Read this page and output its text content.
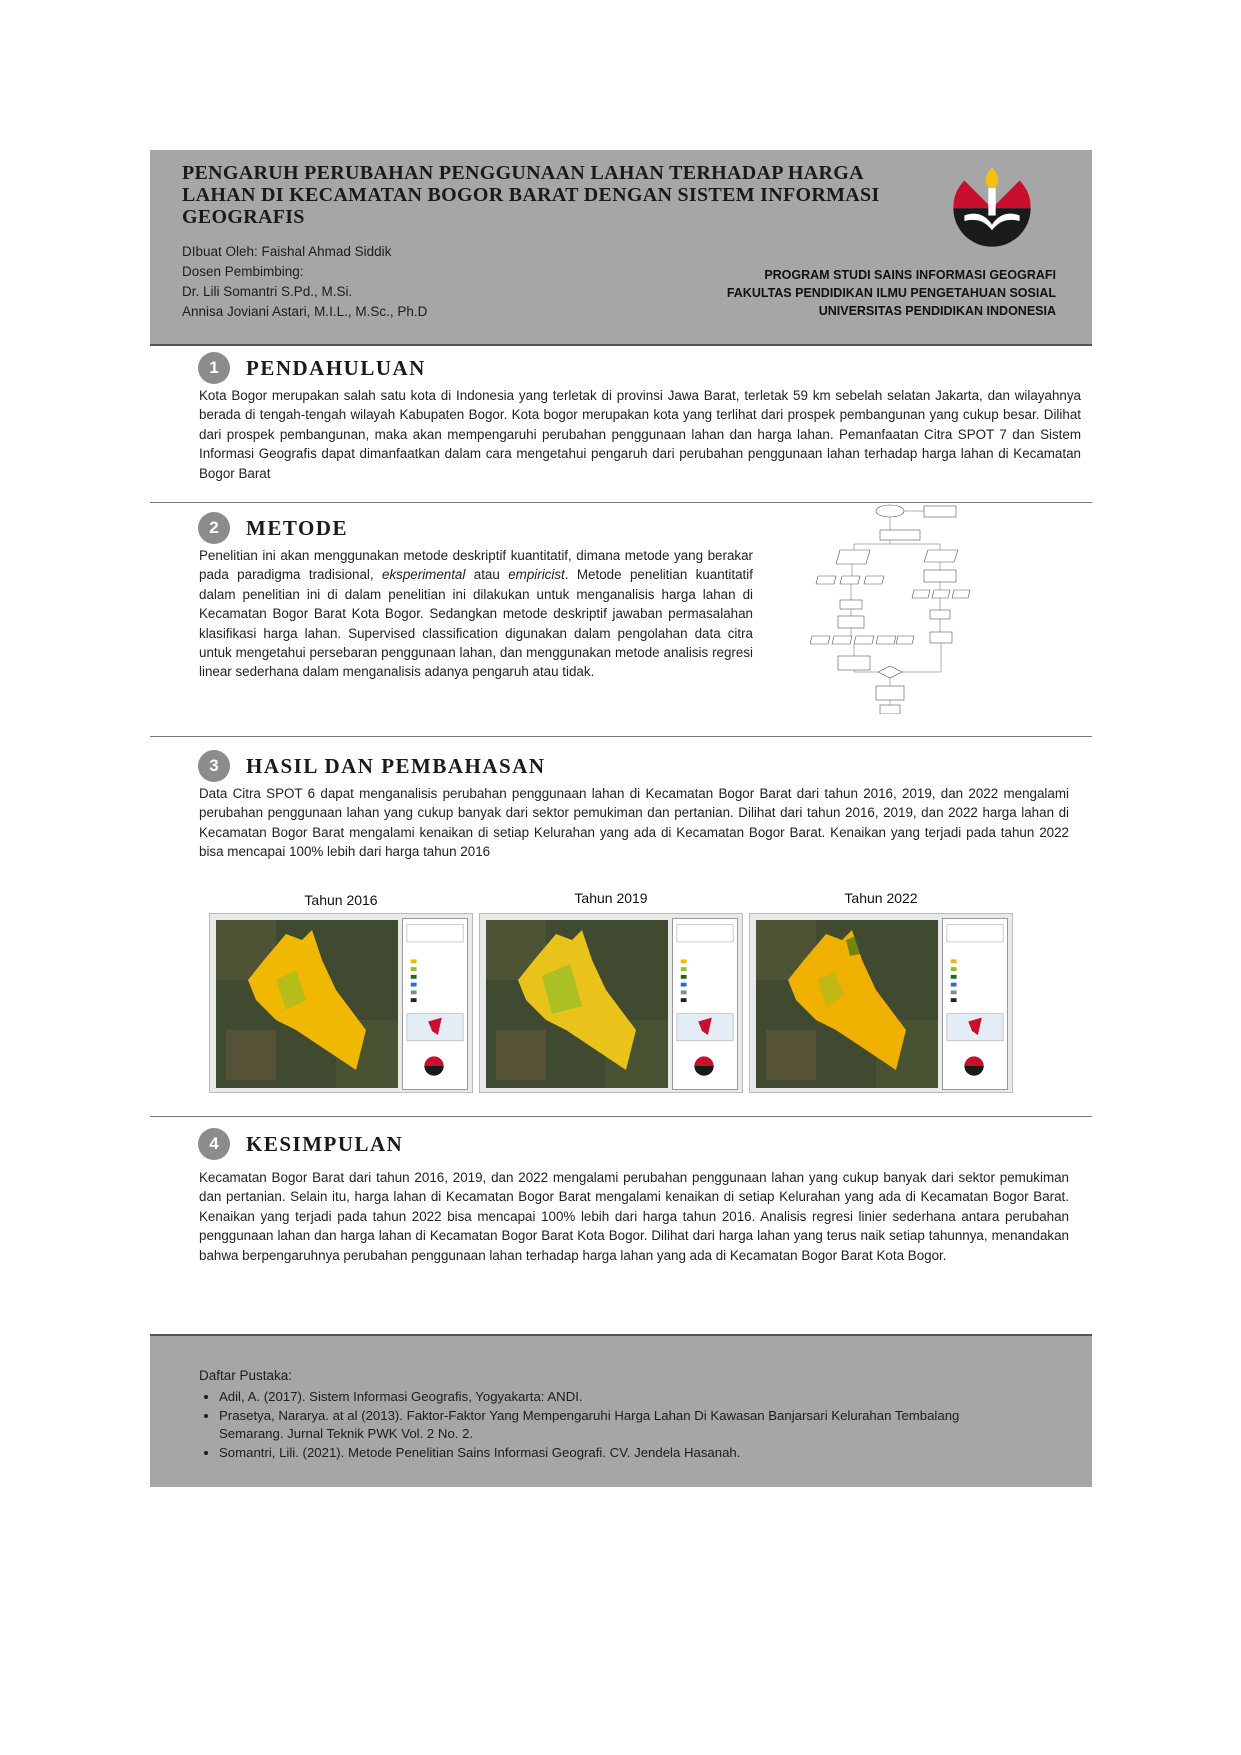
PENGARUH PERUBAHAN PENGGUNAAN LAHAN TERHADAP HARGA LAHAN DI KECAMATAN BOGOR BARAT DENGAN SISTEM INFORMASI GEOGRAFIS
DIbuat Oleh: Faishal Ahmad Siddik
Dosen Pembimbing:
Dr. Lili Somantri S.Pd., M.Si.
Annisa Joviani Astari, M.I.L., M.Sc., Ph.D
PROGRAM STUDI SAINS INFORMASI GEOGRAFI
FAKULTAS PENDIDIKAN ILMU PENGETAHUAN SOSIAL
UNIVERSITAS PENDIDIKAN INDONESIA
1	PENDAHULUAN

Kota Bogor merupakan salah satu kota di Indonesia yang terletak di provinsi Jawa Barat, terletak 59 km sebelah selatan Jakarta, dan wilayahnya berada di tengah-tengah wilayah Kabupaten Bogor. Kota bogor merupakan kota yang terlihat dari prospek pembangunan yang cukup besar. Dilihat dari prospek pembangunan, maka akan mempengaruhi perubahan penggunaan lahan dan harga lahan. Pemanfaatan Citra SPOT 7 dan Sistem Informasi Geografis dapat dimanfaatkan dalam cara mengetahui pengaruh dari perubahan penggunaan lahan terhadap harga lahan di Kecamatan Bogor Barat

2	METODE

Penelitian ini akan menggunakan metode deskriptif kuantitatif, dimana metode yang berakar pada paradigma tradisional, eksperimental atau empiricist. Metode penelitian kuantitatif dalam penelitian ini di dalam penelitian ini dilakukan untuk menganalisis harga lahan di Kecamatan Bogor Barat Kota Bogor. Sedangkan metode deskriptif jawaban permasalahan klasifikasi harga lahan. Supervised classification digunakan dalam pengolahan data citra untuk mengetahui persebaran penggunaan lahan, dan menggunakan metode analisis regresi linear sederhana dalam menganalisis adanya pengaruh atau tidak.

3	HASIL DAN PEMBAHASAN

Data Citra SPOT 6 dapat menganalisis perubahan penggunaan lahan di Kecamatan Bogor Barat dari tahun 2016, 2019, dan 2022 mengalami perubahan penggunaan lahan yang cukup banyak dari sektor pemukiman dan pertanian. Dilihat dari tahun 2016, 2019, dan 2022 harga lahan di Kecamatan Bogor Barat mengalami kenaikan di setiap Kelurahan yang ada di Kecamatan Bogor Barat. Kenaikan yang terjadi pada tahun 2022 bisa mencapai 100% lebih dari harga tahun 2016

Tahun 2016	Tahun 2019	Tahun 2022
4	KESIMPULAN

Kecamatan Bogor Barat dari tahun 2016, 2019, dan 2022 mengalami perubahan penggunaan lahan yang cukup banyak dari sektor pemukiman dan pertanian. Selain itu, harga lahan di Kecamatan Bogor Barat mengalami kenaikan di setiap Kelurahan yang ada di Kecamatan Bogor Barat. Kenaikan yang terjadi pada tahun 2022 bisa mencapai 100% lebih dari harga tahun 2016. Analisis regresi linier sederhana antara perubahan penggunaan lahan dan harga lahan di Kecamatan Bogor Barat Kota Bogor. Dilihat dari harga lahan yang terus naik setiap tahunnya, menandakan bahwa berpengaruhnya perubahan penggunaan lahan terhadap harga lahan yang ada di Kecamatan Bogor Barat Kota Bogor.

Daftar Pustaka:
• Adil, A. (2017). Sistem Informasi Geografis, Yogyakarta: ANDI.
• Prasetya, Nararya. at al (2013). Faktor-Faktor Yang Mempengaruhi Harga Lahan Di Kawasan Banjarsari Kelurahan Tembalang Semarang. Jurnal Teknik PWK Vol. 2 No. 2.
• Somantri, Lili. (2021). Metode Penelitian Sains Informasi Geografi. CV. Jendela Hasanah.
